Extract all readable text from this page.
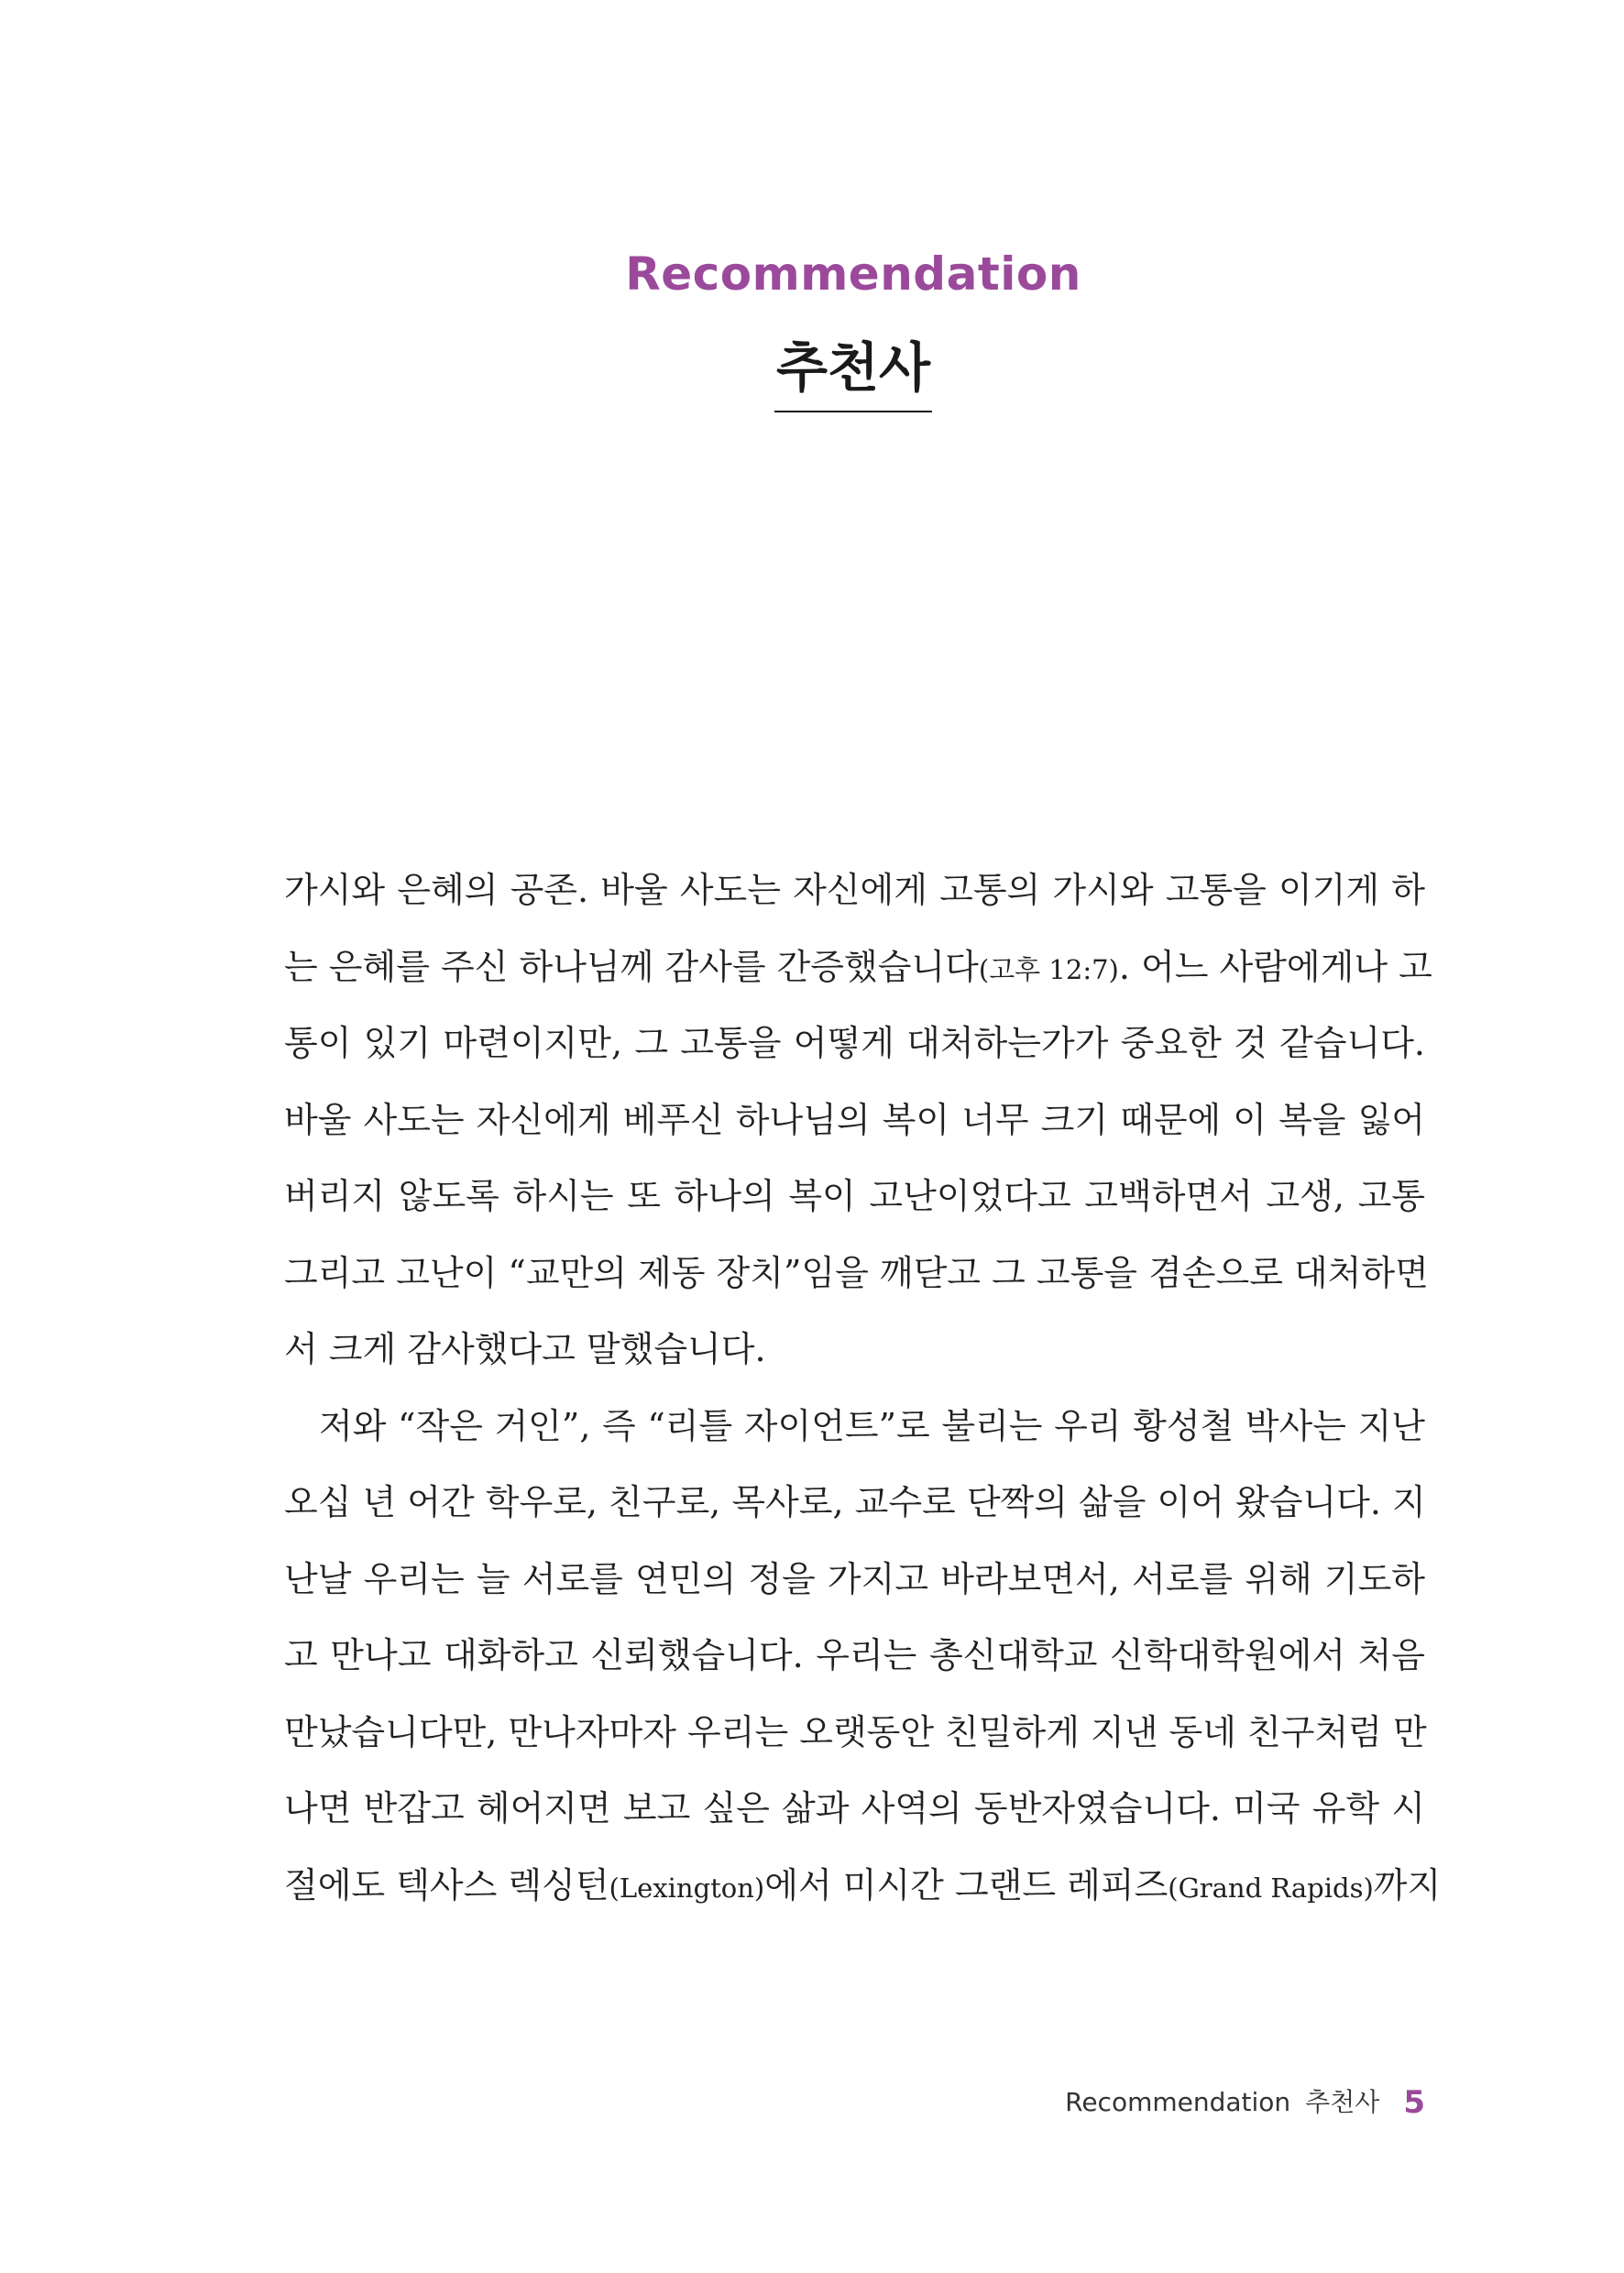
Recommendation
추천사
가시와 은혜의 공존. 바울 사도는 자신에게 고통의 가시와 고통을 이기게 하
는 은혜를 주신 하나님께 감사를 간증했습니다(고후 12:7). 어느 사람에게나 고
통이 있기 마련이지만, 그 고통을 어떻게 대처하는가가 중요한 것 같습니다.
바울 사도는 자신에게 베푸신 하나님의 복이 너무 크기 때문에 이 복을 잃어
버리지 않도록 하시는 또 하나의 복이 고난이었다고 고백하면서 고생, 고통
그리고 고난이 “교만의 제동 장치”임을 깨닫고 그 고통을 겸손으로 대처하면
서 크게 감사했다고 말했습니다.
저와 “작은 거인”, 즉 “리틀 자이언트”로 불리는 우리 황성철 박사는 지난
오십 년 어간 학우로, 친구로, 목사로, 교수로 단짝의 삶을 이어 왔습니다. 지
난날 우리는 늘 서로를 연민의 정을 가지고 바라보면서, 서로를 위해 기도하
고 만나고 대화하고 신뢰했습니다. 우리는 총신대학교 신학대학원에서 처음
만났습니다만, 만나자마자 우리는 오랫동안 친밀하게 지낸 동네 친구처럼 만
나면 반갑고 헤어지면 보고 싶은 삶과 사역의 동반자였습니다. 미국 유학 시
절에도 텍사스 렉싱턴(Lexington)에서 미시간 그랜드 레피즈(Grand Rapids)까지
Recommendation 추천사 5
